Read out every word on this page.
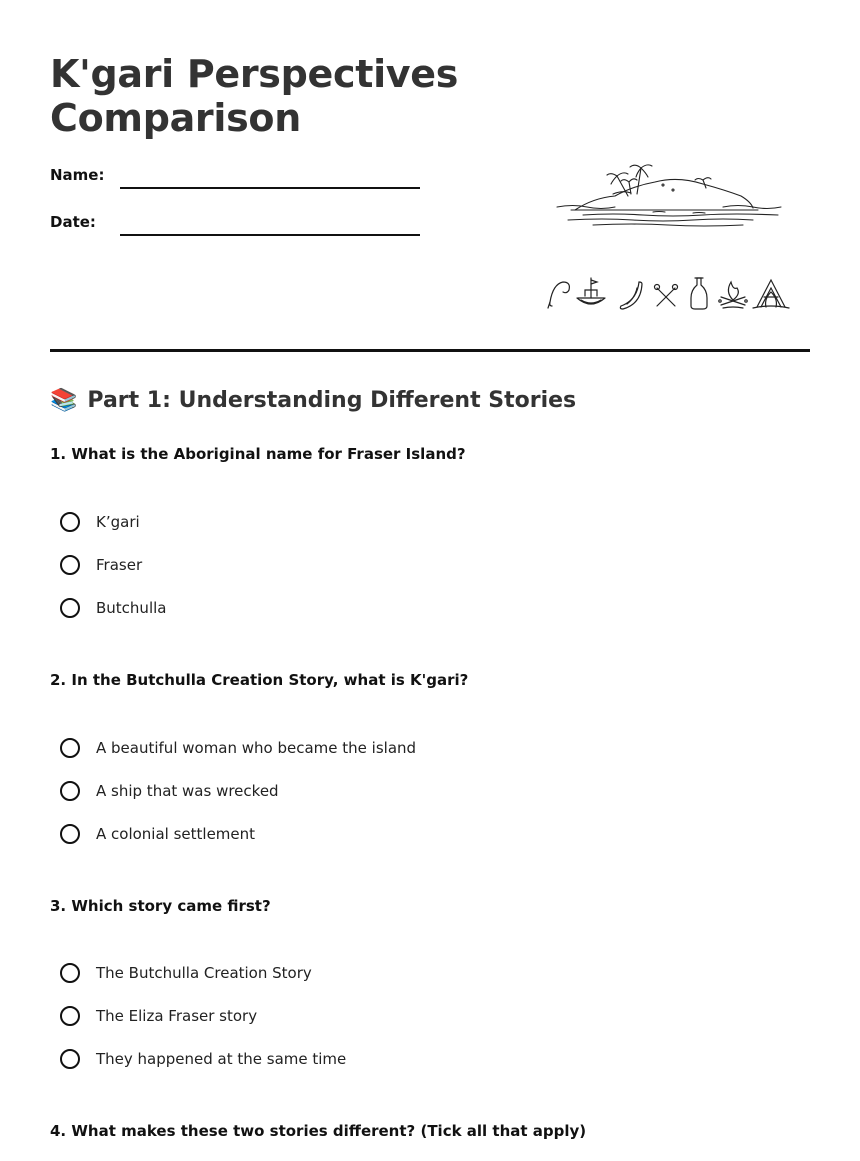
K'gari Perspectives
Comparison
Name:
Date:
📚 Part 1: Understanding Different Stories

1. What is the Aboriginal name for Fraser Island?

K’gari
Fraser
Butchulla

2. In the Butchulla Creation Story, what is K'gari?

A beautiful woman who became the island
A ship that was wrecked
A colonial settlement

3. Which story came first?

The Butchulla Creation Story
The Eliza Fraser story
They happened at the same time

4. What makes these two stories different? (Tick all that apply)
